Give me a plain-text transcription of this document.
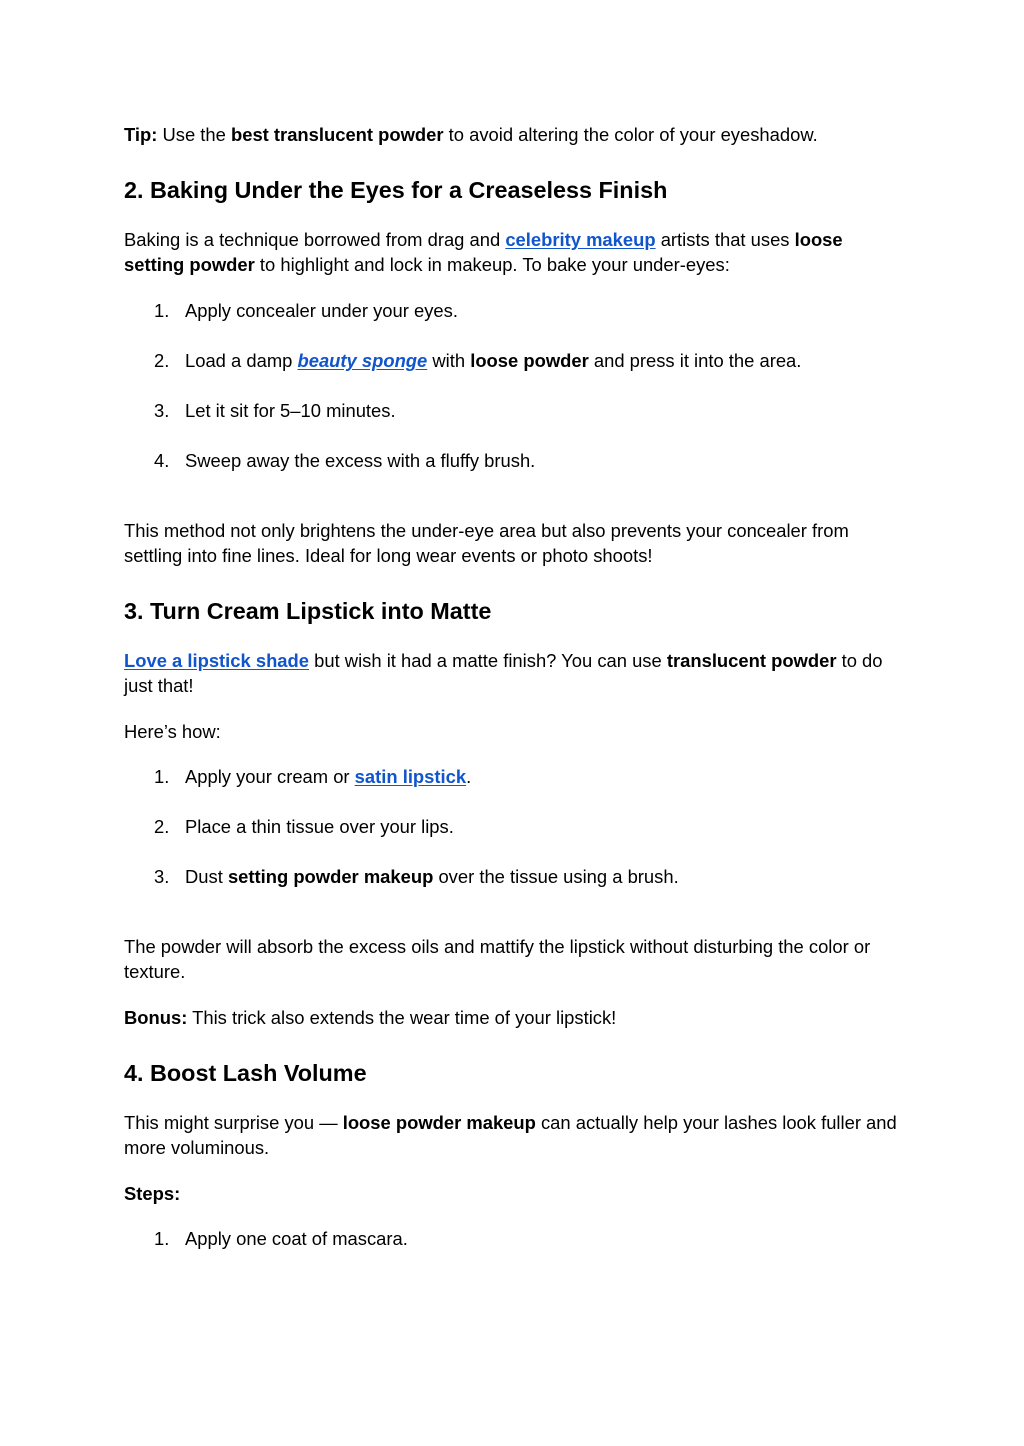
Tip: Use the best translucent powder to avoid altering the color of your eyeshadow.

2. Baking Under the Eyes for a Creaseless Finish

Baking is a technique borrowed from drag and celebrity makeup artists that uses loose setting powder to highlight and lock in makeup. To bake your under-eyes:

1. Apply concealer under your eyes.
2. Load a damp beauty sponge with loose powder and press it into the area.
3. Let it sit for 5–10 minutes.
4. Sweep away the excess with a fluffy brush.

This method not only brightens the under-eye area but also prevents your concealer from settling into fine lines. Ideal for long wear events or photo shoots!

3. Turn Cream Lipstick into Matte

Love a lipstick shade but wish it had a matte finish? You can use translucent powder to do just that!

Here’s how:

1. Apply your cream or satin lipstick.
2. Place a thin tissue over your lips.
3. Dust setting powder makeup over the tissue using a brush.

The powder will absorb the excess oils and mattify the lipstick without disturbing the color or texture.

Bonus: This trick also extends the wear time of your lipstick!

4. Boost Lash Volume

This might surprise you — loose powder makeup can actually help your lashes look fuller and more voluminous.

Steps:

1. Apply one coat of mascara.
